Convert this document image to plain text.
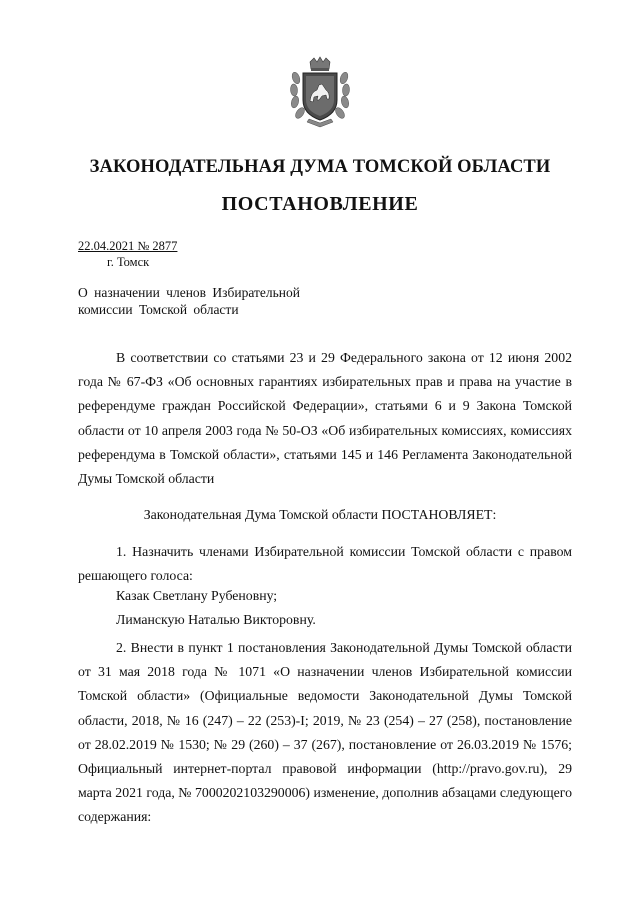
ЗАКОНОДАТЕЛЬНАЯ ДУМА ТОМСКОЙ ОБЛАСТИ
ПОСТАНОВЛЕНИЕ
22.04.2021 № 2877
г. Томск
О назначении членов Избирательной комиссии Томской области

В соответствии со статьями 23 и 29 Федерального закона от 12 июня 2002 года № 67-ФЗ «Об основных гарантиях избирательных прав и права на участие в референдуме граждан Российской Федерации», статьями 6 и 9 Закона Томской области от 10 апреля 2003 года № 50-ОЗ «Об избирательных комиссиях, комиссиях референдума в Томской области», статьями 145 и 146 Регламента Законодательной Думы Томской области

Законодательная Дума Томской области ПОСТАНОВЛЯЕТ:

1. Назначить членами Избирательной комиссии Томской области с правом решающего голоса:

Казак Светлану Рубеновну;

Лиманскую Наталью Викторовну.

2. Внести в пункт 1 постановления Законодательной Думы Томской области от 31 мая 2018 года № 1071 «О назначении членов Избирательной комиссии Томской области» (Официальные ведомости Законодательной Думы Томской области, 2018, № 16 (247) – 22 (253)-I; 2019, № 23 (254) – 27 (258), постановление от 28.02.2019 № 1530; № 29 (260) – 37 (267), постановление от 26.03.2019 № 1576; Официальный интернет-портал правовой информации (http://pravo.gov.ru), 29 марта 2021 года, № 7000202103290006) изменение, дополнив абзацами следующего содержания:
